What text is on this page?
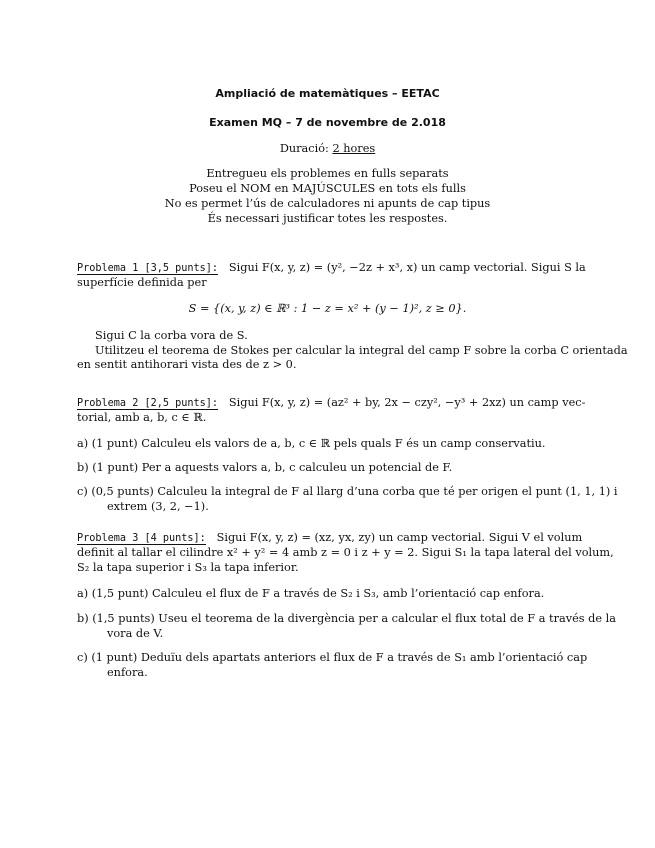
Ampliació de matemàtiques – EETAC
Examen MQ – 7 de novembre de 2.018
Duració: 2 hores
Entregueu els problemes en fulls separats
Poseu el NOM en MAJÚSCULES en tots els fulls
No es permet l’ús de calculadores ni apunts de cap tipus
És necessari justificar totes les respostes.
Problema 1 [3,5 punts]: Sigui F(x, y, z) = (y², −2z + x³, x) un camp vectorial. Sigui S la
superfície definida per
S = {(x, y, z) ∈ ℝ³ : 1 − z = x² + (y − 1)², z ≥ 0}.
Sigui C la corba vora de S.
Utilitzeu el teorema de Stokes per calcular la integral del camp F sobre la corba C orientada
en sentit antihorari vista des de z > 0.
Problema 2 [2,5 punts]: Sigui F(x, y, z) = (az² + by, 2x − czy², −y³ + 2xz) un camp vec-
torial, amb a, b, c ∈ ℝ.
a) (1 punt) Calculeu els valors de a, b, c ∈ ℝ pels quals F és un camp conservatiu.
b) (1 punt) Per a aquests valors a, b, c calculeu un potencial de F.
c) (0,5 punts) Calculeu la integral de F al llarg d’una corba que té per origen el punt (1, 1, 1) i
extrem (3, 2, −1).
Problema 3 [4 punts]: Sigui F(x, y, z) = (xz, yx, zy) un camp vectorial. Sigui V el volum
definit al tallar el cilindre x² + y² = 4 amb z = 0 i z + y = 2. Sigui S₁ la tapa lateral del volum,
S₂ la tapa superior i S₃ la tapa inferior.
a) (1,5 punt) Calculeu el flux de F a través de S₂ i S₃, amb l’orientació cap enfora.
b) (1,5 punts) Useu el teorema de la divergència per a calcular el flux total de F a través de la
vora de V.
c) (1 punt) Deduïu dels apartats anteriors el flux de F a través de S₁ amb l’orientació cap
enfora.
